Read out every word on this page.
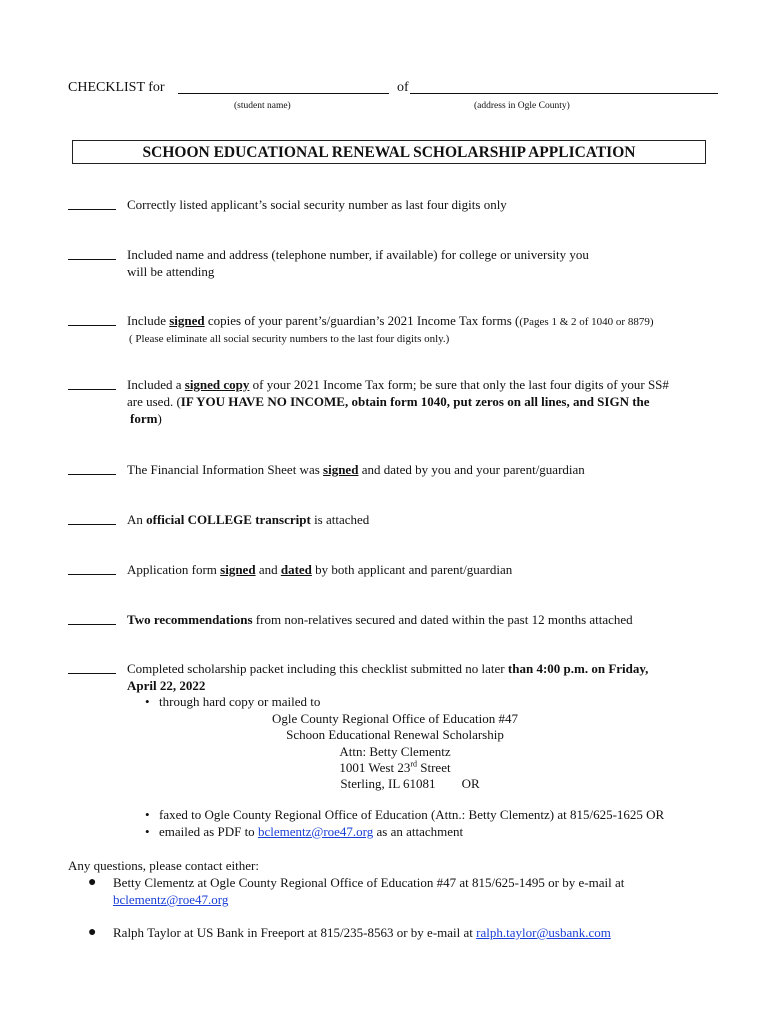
CHECKLIST for	of
(student name)	(address in Ogle County)
SCHOON EDUCATIONAL RENEWAL SCHOLARSHIP APPLICATION
Correctly listed applicant’s social security number as last four digits only
Included name and address (telephone number, if available) for college or university you
will be attending
Include signed copies of your parent’s/guardian’s 2021 Income Tax forms ((Pages 1 & 2 of 1040 or 8879)
( Please eliminate all social security numbers to the last four digits only.)
Included a signed copy of your 2021 Income Tax form; be sure that only the last four digits of your SS#
are used. (IF YOU HAVE NO INCOME, obtain form 1040, put zeros on all lines, and SIGN the
form)
The Financial Information Sheet was signed and dated by you and your parent/guardian
An official COLLEGE transcript is attached
Application form signed and dated by both applicant and parent/guardian
Two recommendations from non-relatives secured and dated within the past 12 months attached
Completed scholarship packet including this checklist submitted no later than 4:00 p.m. on Friday,
April 22, 2022
• through hard copy or mailed to
Ogle County Regional Office of Education #47
Schoon Educational Renewal Scholarship
Attn: Betty Clementz
1001 West 23rd Street
Sterling, IL 61081 OR
• faxed to Ogle County Regional Office of Education (Attn.: Betty Clementz) at 815/625-1625 OR
• emailed as PDF to bclementz@roe47.org as an attachment
Any questions, please contact either:
●	Betty Clementz at Ogle County Regional Office of Education #47 at 815/625-1495 or by e-mail at
bclementz@roe47.org
●	Ralph Taylor at US Bank in Freeport at 815/235-8563 or by e-mail at ralph.taylor@usbank.com
